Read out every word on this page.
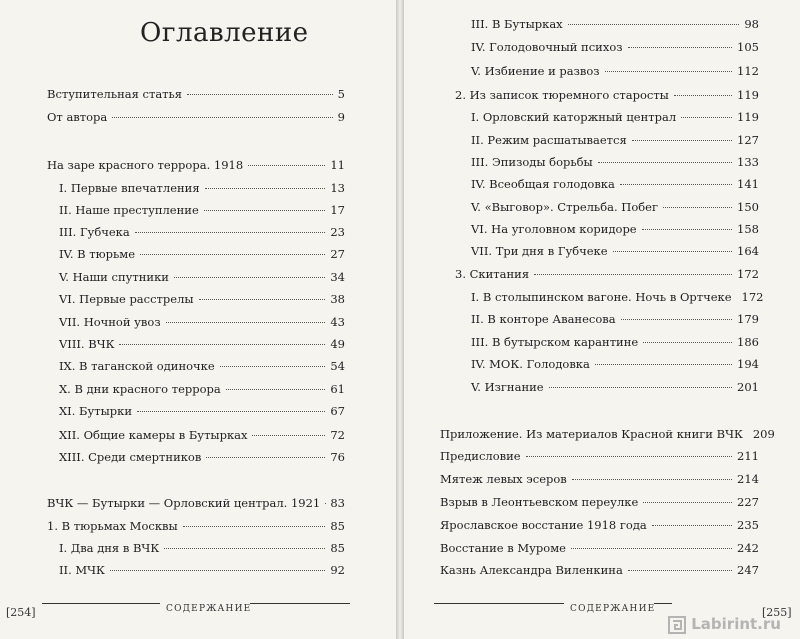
Оглавление
Вступительная статья	5
От автора	9
На заре красного террора. 1918	11
I. Первые впечатления	13
II. Наше преступление	17
III. Губчека	23
IV. В тюрьме	27
V. Наши спутники	34
VI. Первые расстрелы	38
VII. Ночной увоз	43
VIII. ВЧК	49
IX. В таганской одиночке	54
X. В дни красного террора	61
XI. Бутырки	67
XII. Общие камеры в Бутырках	72
XIII. Среди смертников	76
ВЧК — Бутырки — Орловский централ. 1921 83
1. В тюрьмах Москвы	85
I. Два дня в ВЧК	85
II. МЧК	92
СОДЕРЖАНИЕ
[254]
III. В Бутырках	98
IV. Голодовочный психоз	105
V. Избиение и развоз	112
2. Из записок тюремного старосты	119
I. Орловский каторжный централ	119
II. Режим расшатывается	127
III. Эпизоды борьбы	133
IV. Всеобщая голодовка	141
V. «Выговор». Стрельба. Побег	150
VI. На уголовном коридоре	158
VII. Три дня в Губчеке	164
3. Скитания	172
I. В столыпинском вагоне. Ночь в Ортчеке 172
II. В конторе Аванесова	179
III. В бутырском карантине	186
IV. МОК. Голодовка	194
V. Изгнание	201
Приложение. Из материалов Красной книги ВЧК 209
Предисловие	211
Мятеж левых эсеров	214
Взрыв в Леонтьевском переулке	227
Ярославское восстание 1918 года	235
Восстание в Муроме	242
Казнь Александра Виленкина	247
СОДЕРЖАНИЕ	[255]
Labirint.ru
